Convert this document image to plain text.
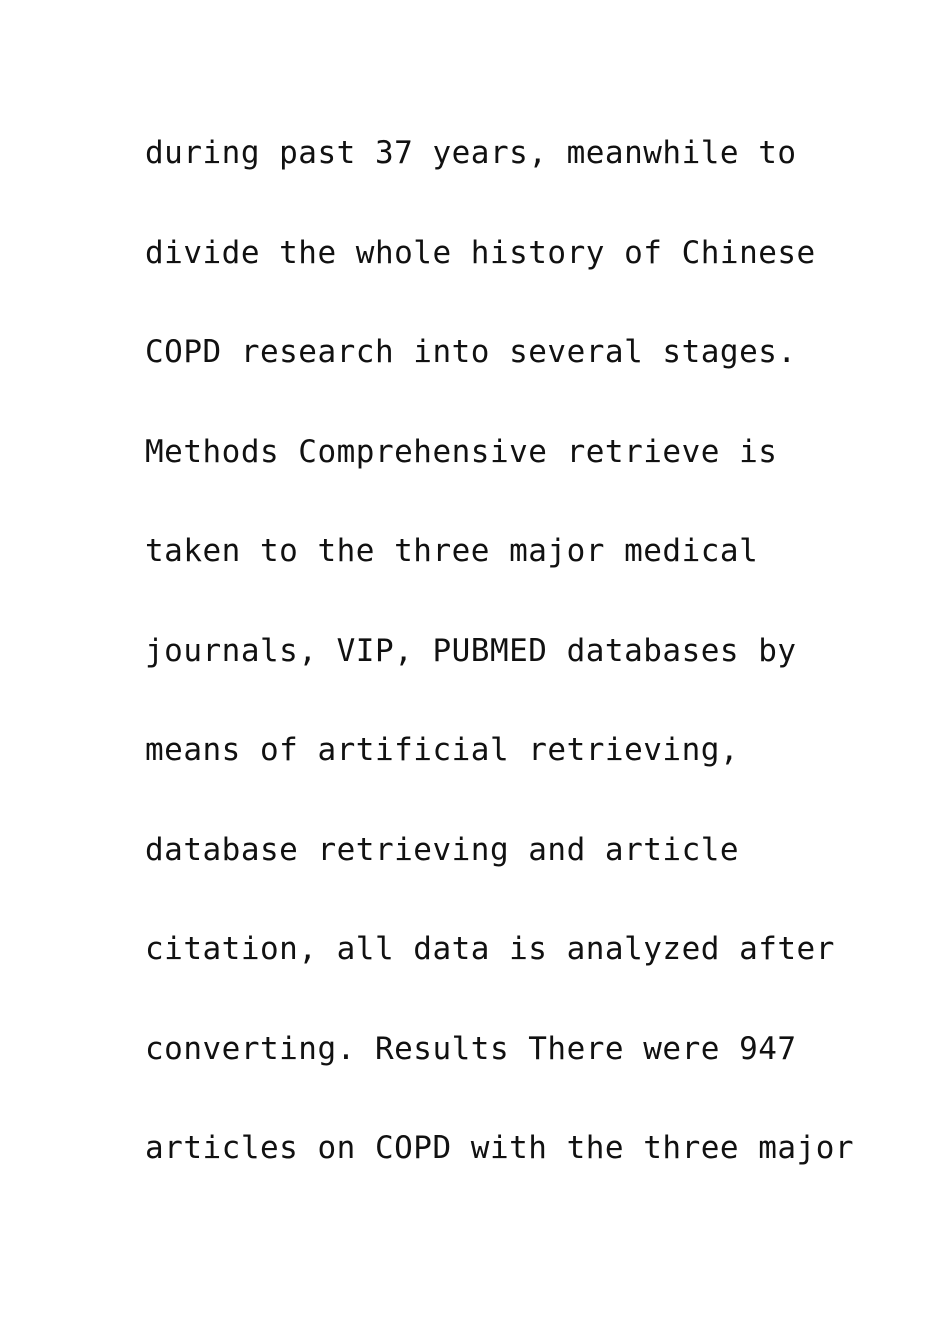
during past 37 years, meanwhile to
divide the whole history of Chinese
COPD research into several stages.
Methods Comprehensive retrieve is
taken to the three major medical
journals, VIP, PUBMED databases by
means of artificial retrieving,
database retrieving and article
citation, all data is analyzed after
converting. Results There were 947
articles on COPD with the three major
